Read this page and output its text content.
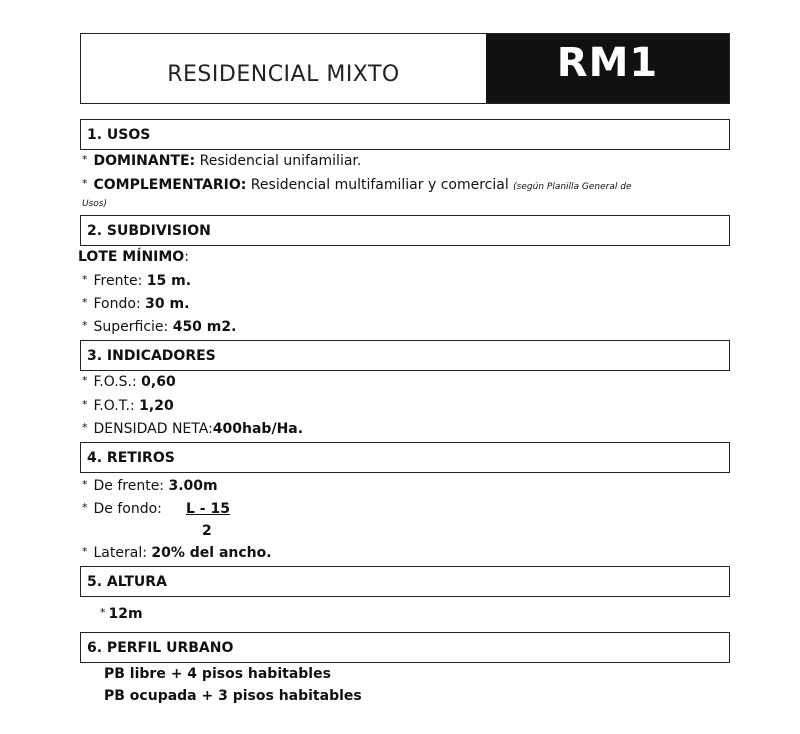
RESIDENCIAL MIXTO	RM1
1. USOS
* DOMINANTE: Residencial unifamiliar.
* COMPLEMENTARIO: Residencial multifamiliar y comercial (según Planilla General de
Usos)
2. SUBDIVISION
LOTE MÍNIMO:
* Frente: 15 m.
* Fondo: 30 m.
* Superficie: 450 m2.
3. INDICADORES
* F.O.S.: 0,60
* F.O.T.: 1,20
* DENSIDAD NETA:400hab/Ha.
4. RETIROS
* De frente: 3.00m
* De fondo: L - 15
2
* Lateral: 20% del ancho.
5. ALTURA
* 12m
6. PERFIL URBANO
PB libre + 4 pisos habitables
PB ocupada + 3 pisos habitables
